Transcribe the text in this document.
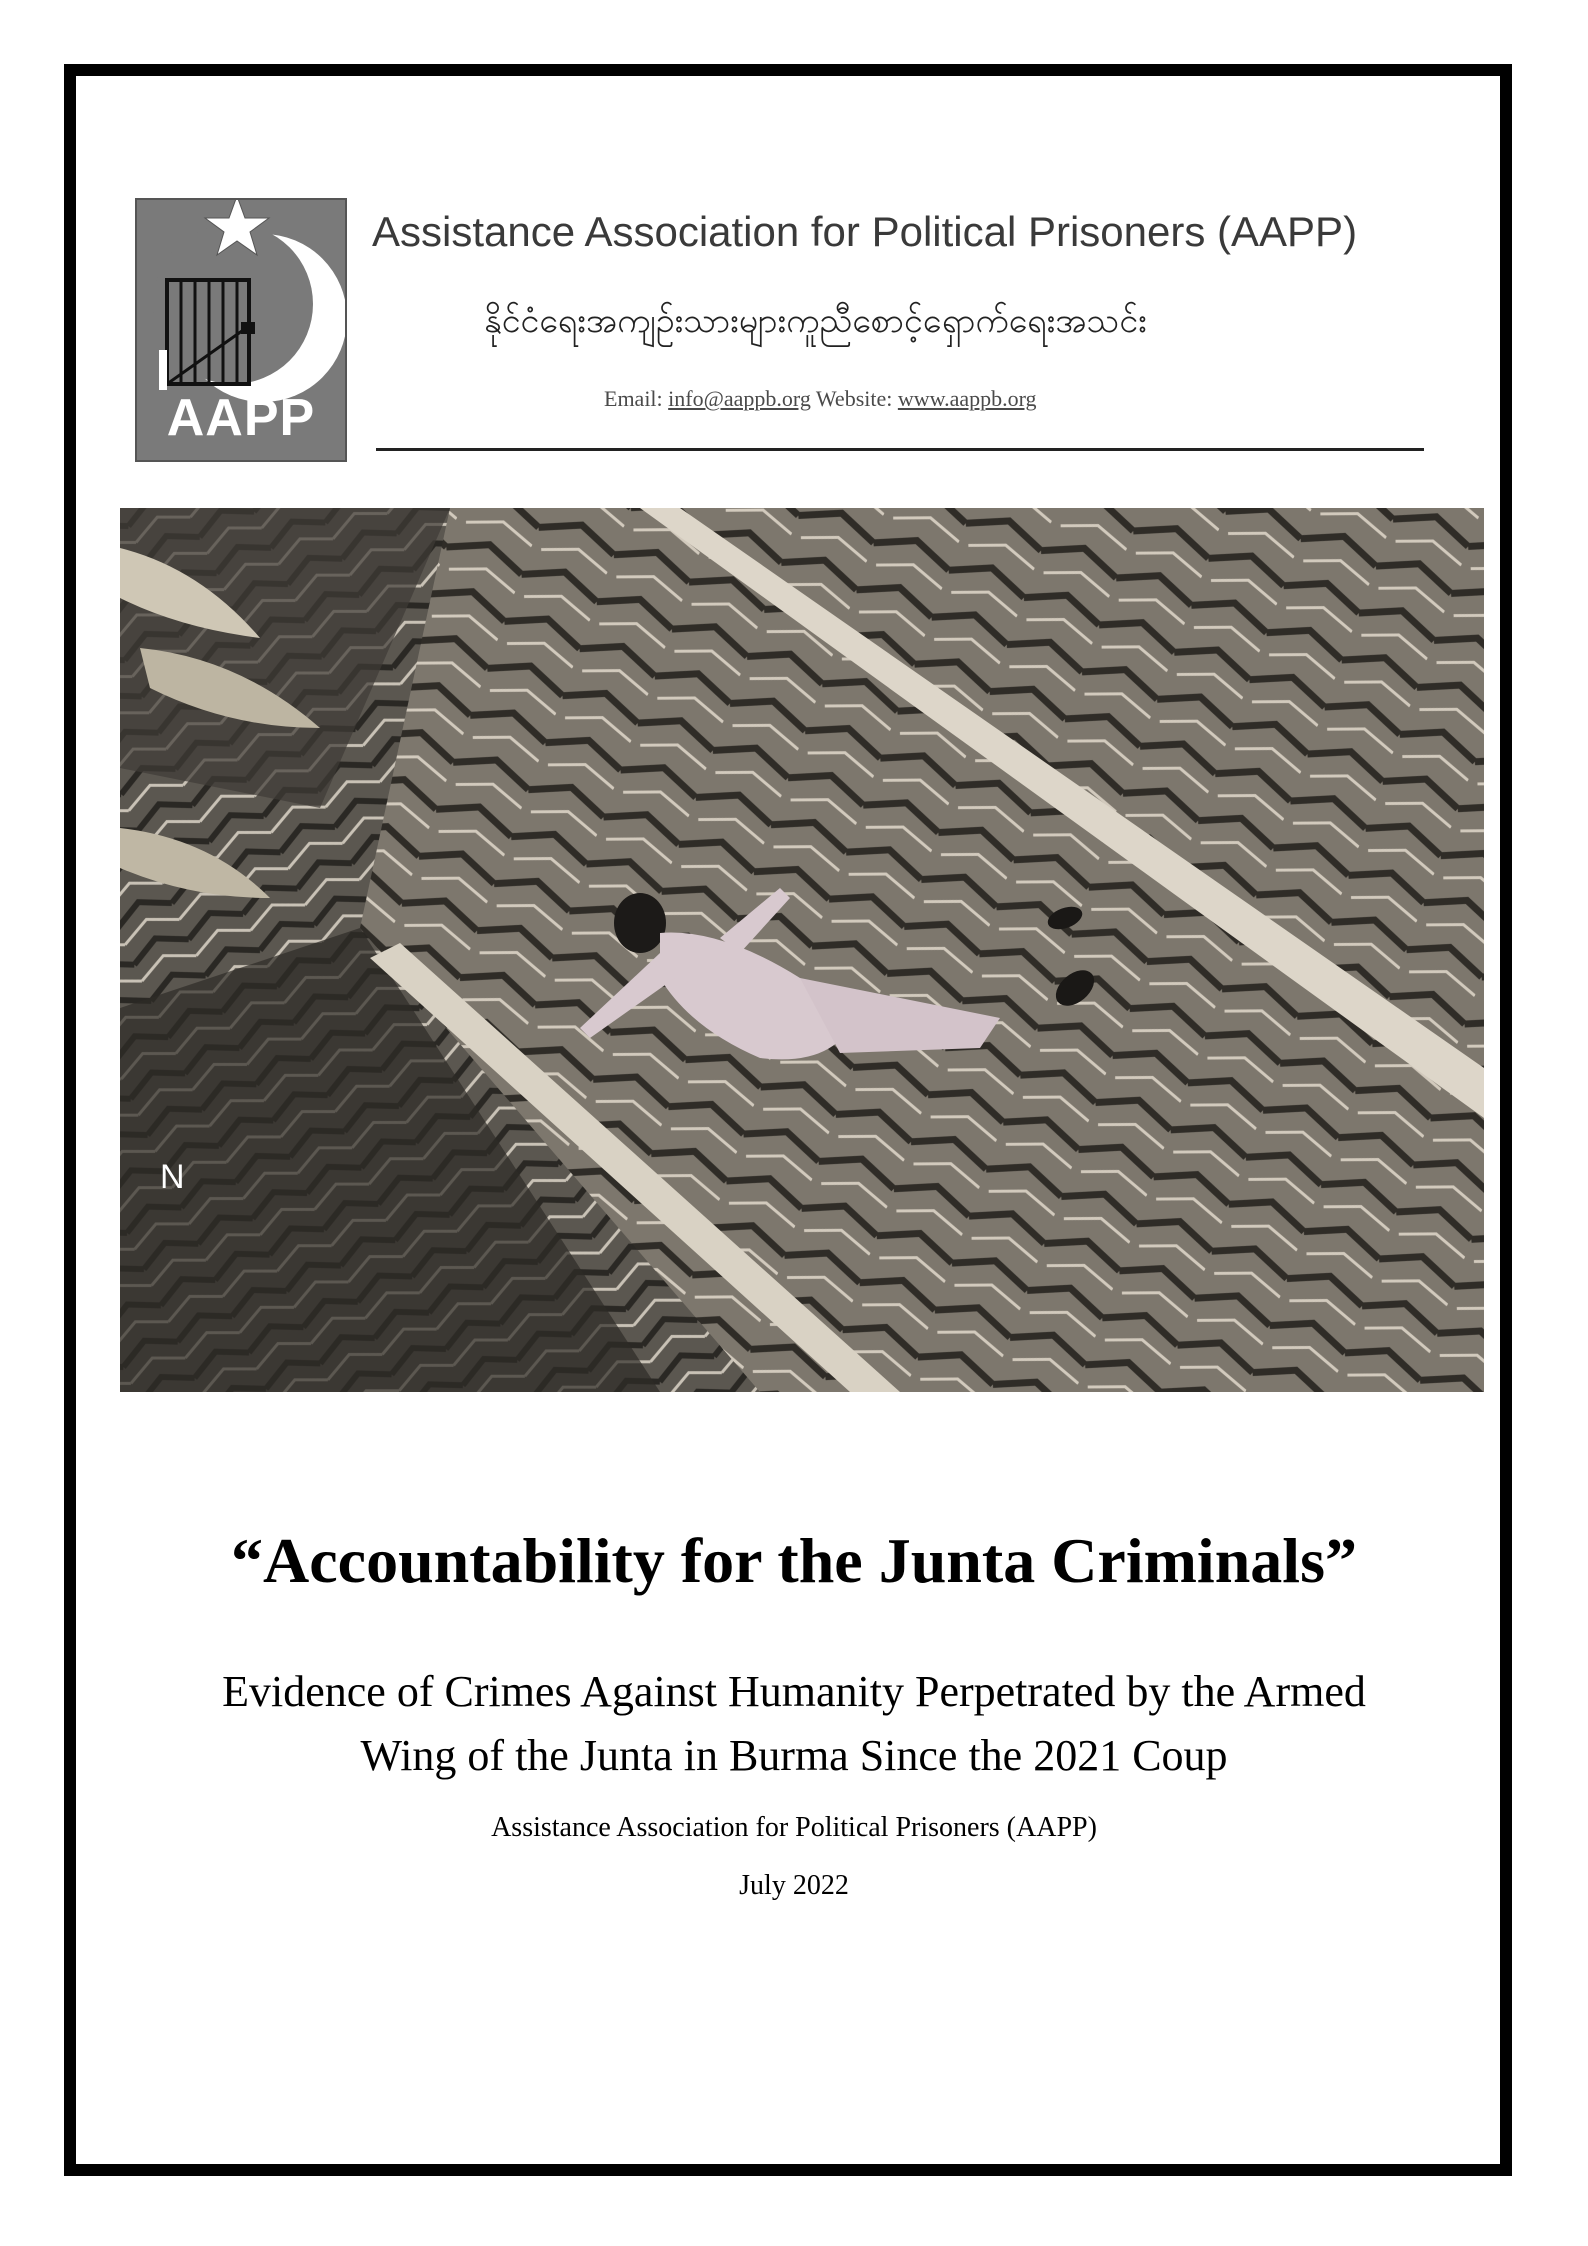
AAPP
Assistance Association for Political Prisoners (AAPP)
နိုင်ငံရေးအကျဉ်းသားများကူညီစောင့်ရှောက်ရေးအသင်း
Email: info@aappb.org Website: www.aappb.org
N
“Accountability for the Junta Criminals”
Evidence of Crimes Against Humanity Perpetrated by the Armed
Wing of the Junta in Burma Since the 2021 Coup
Assistance Association for Political Prisoners (AAPP)
July 2022
